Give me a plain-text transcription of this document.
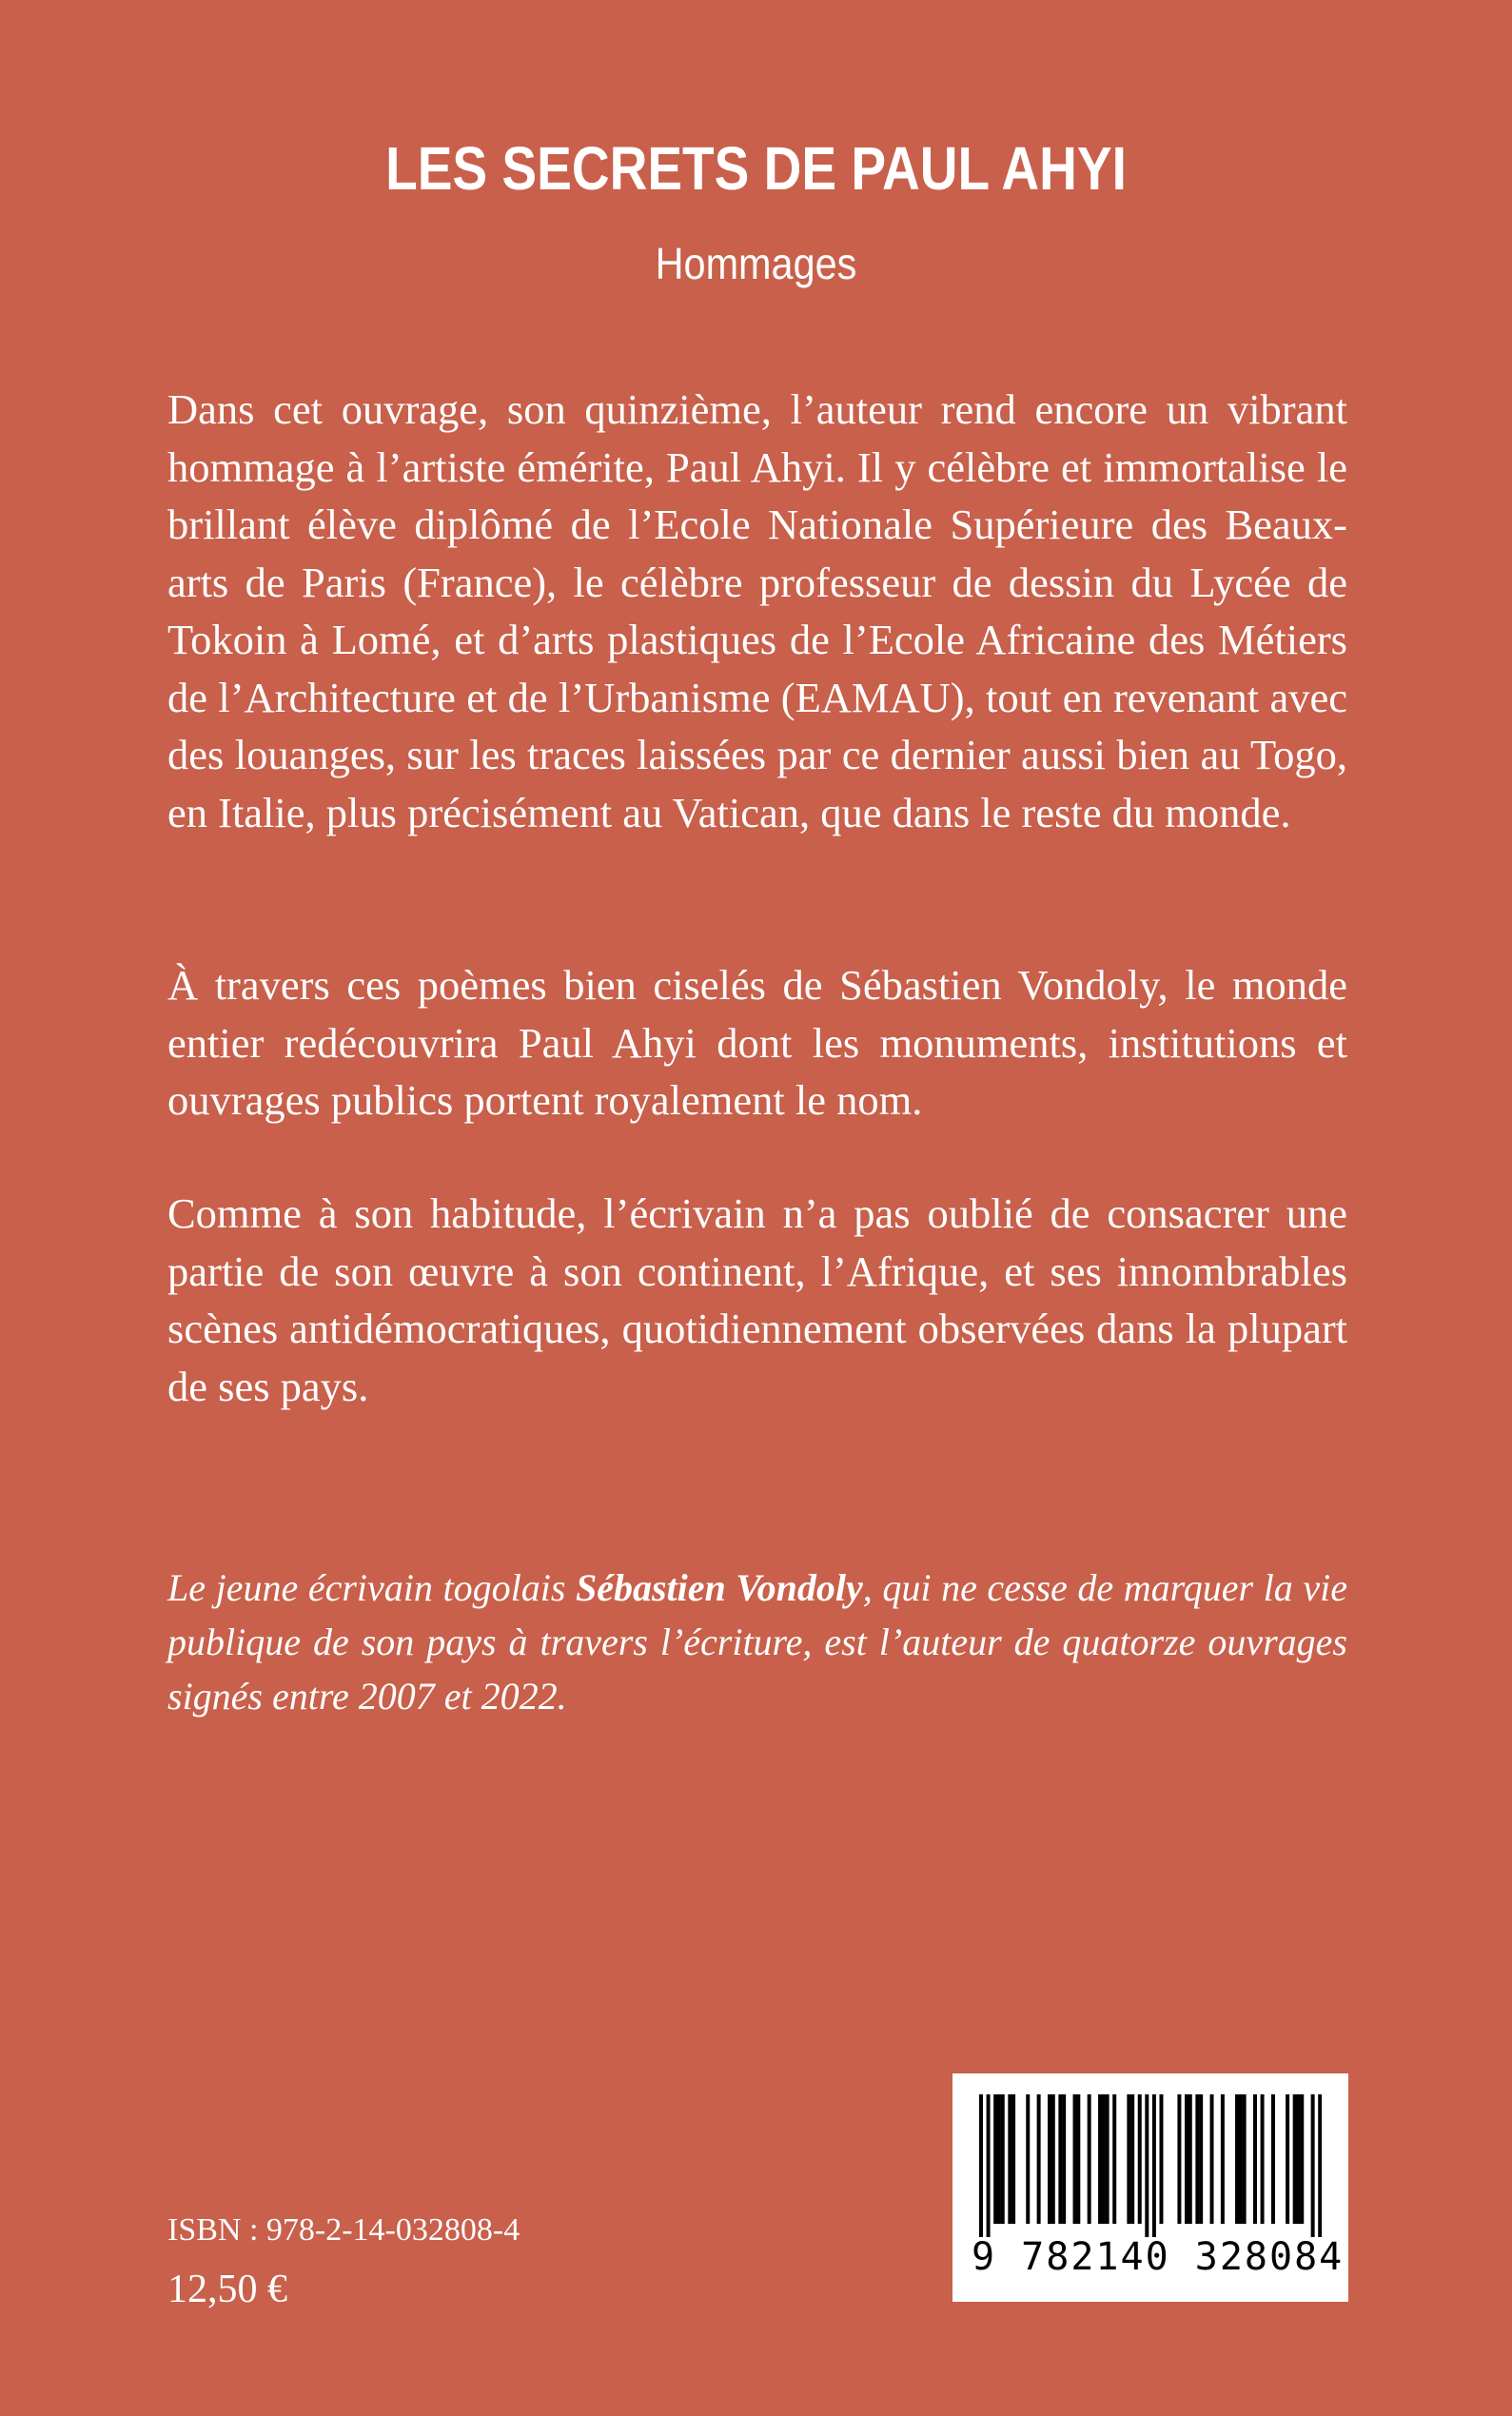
LES SECRETS DE PAUL AHYI
Hommages

Dans cet ouvrage, son quinzième, l’auteur rend encore un vibrant hommage à l’artiste émérite, Paul Ahyi. Il y célèbre et immortalise le brillant élève diplômé de l’Ecole Nationale Supérieure des Beaux-arts de Paris (France), le célèbre professeur de dessin du Lycée de Tokoin à Lomé, et d’arts plastiques de l’Ecole Africaine des Métiers de l’Architecture et de l’Urbanisme (EAMAU), tout en revenant avec des louanges, sur les traces laissées par ce dernier aussi bien au Togo, en Italie, plus précisément au Vatican, que dans le reste du monde.

À travers ces poèmes bien ciselés de Sébastien Vondoly, le monde entier redécouvrira Paul Ahyi dont les monuments, institutions et ouvrages publics portent royalement le nom.

Comme à son habitude, l’écrivain n’a pas oublié de consacrer une partie de son œuvre à son continent, l’Afrique, et ses innombrables scènes antidémocratiques, quotidiennement observées dans la plupart de ses pays.

Le jeune écrivain togolais Sébastien Vondoly, qui ne cesse de marquer la vie publique de son pays à travers l’écriture, est l’auteur de quatorze ouvrages signés entre 2007 et 2022.

ISBN : 978-2-14-032808-4
12,50 €
9 782140 328084
